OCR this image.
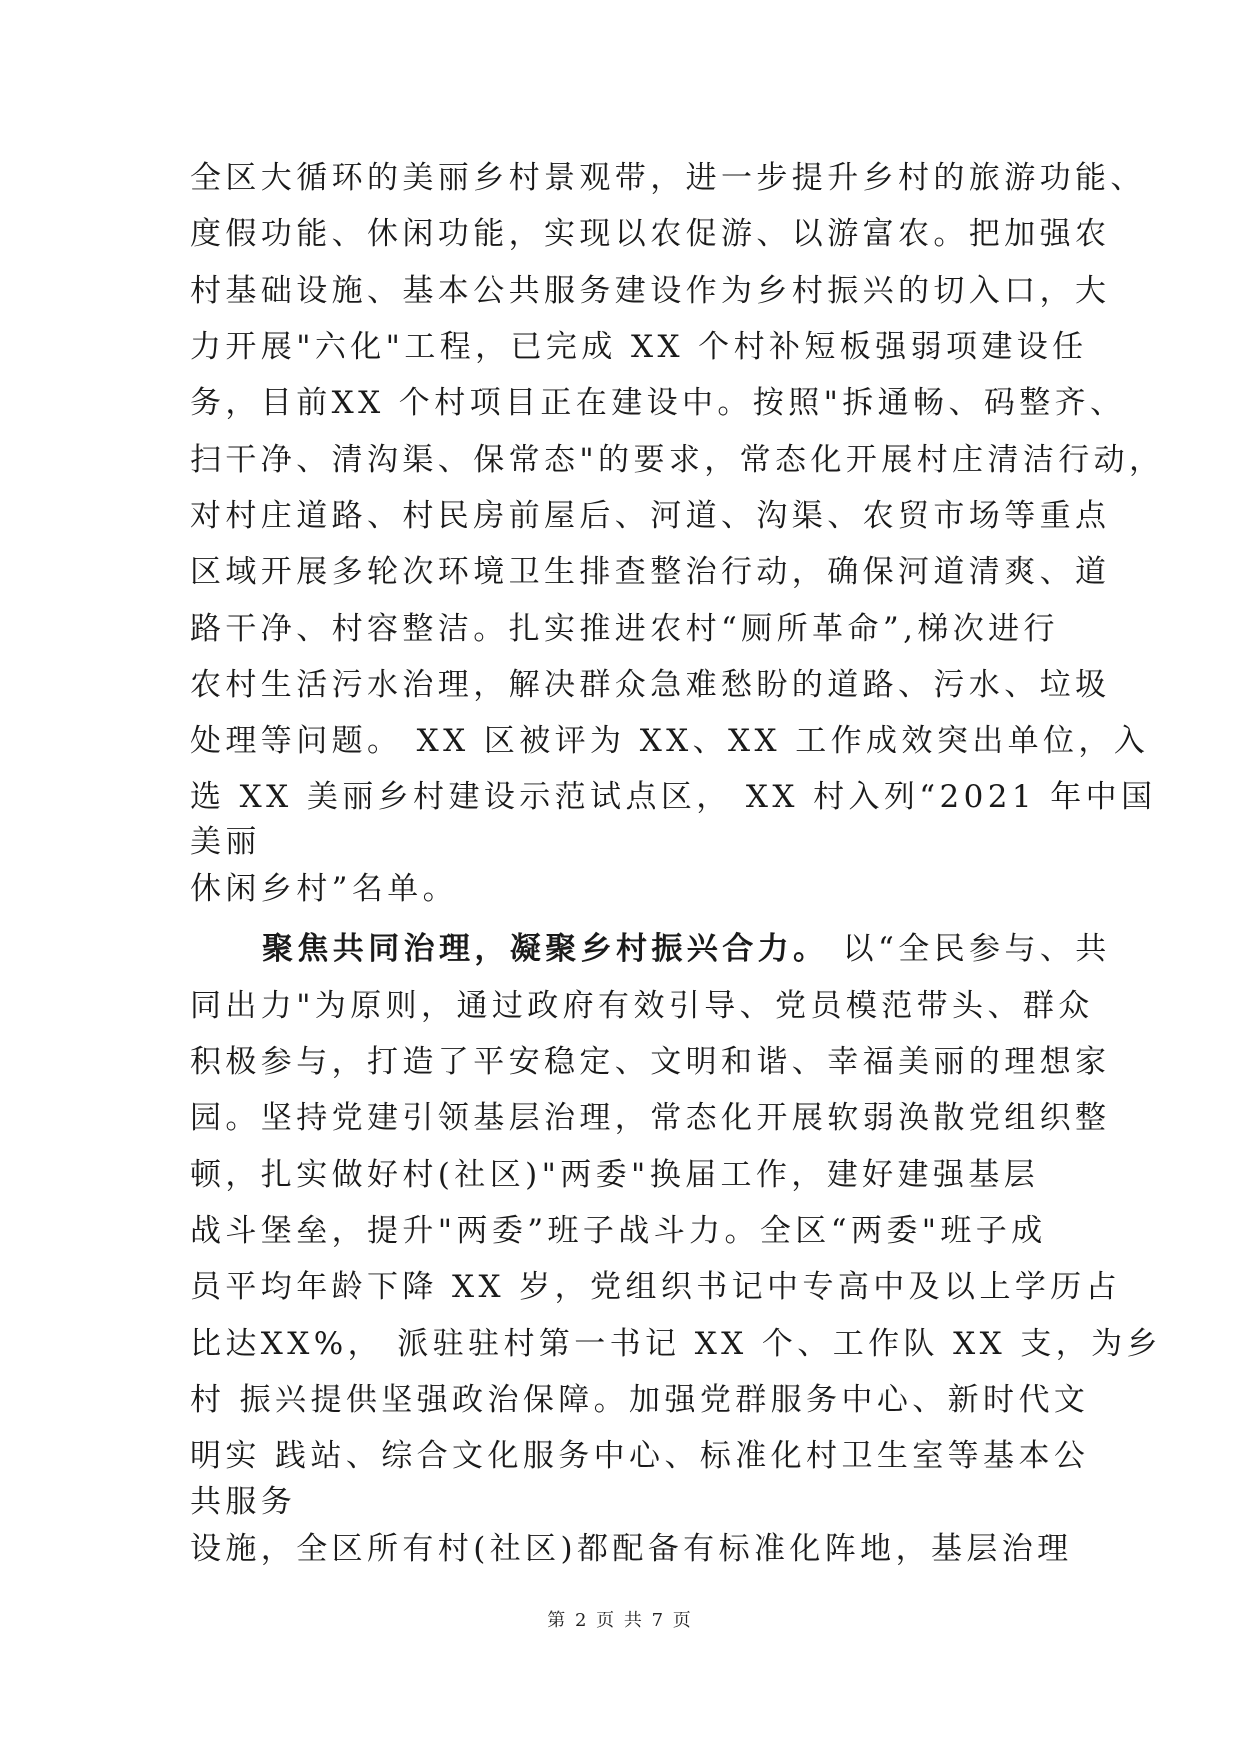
全区大循环的美丽乡村景观带，进一步提升乡村的旅游功能、
度假功能、休闲功能，实现以农促游、以游富农。把加强农
村基础设施、基本公共服务建设作为乡村振兴的切入口，大
力开展"六化"工程，已完成 XX 个村补短板强弱项建设任
务，目前XX 个村项目正在建设中。按照"拆通畅、码整齐、
扫干净、清沟渠、保常态"的要求，常态化开展村庄清洁行动，
对村庄道路、村民房前屋后、河道、沟渠、农贸市场等重点
区域开展多轮次环境卫生排查整治行动，确保河道清爽、道
路干净、村容整洁。扎实推进农村“厕所革命”,梯次进行
农村生活污水治理，解决群众急难愁盼的道路、污水、垃圾
处理等问题。 XX 区被评为 XX、XX 工作成效突出单位，入
选 XX 美丽乡村建设示范试点区， XX 村入列“2021 年中国
美丽
休闲乡村”名单。
聚焦共同治理，凝聚乡村振兴合力。 以“全民参与、共
同出力"为原则，通过政府有效引导、党员模范带头、群众
积极参与，打造了平安稳定、文明和谐、幸福美丽的理想家
园。坚持党建引领基层治理，常态化开展软弱涣散党组织整
顿，扎实做好村(社区)"两委"换届工作，建好建强基层
战斗堡垒，提升"两委”班子战斗力。全区“两委"班子成
员平均年龄下降 XX 岁，党组织书记中专高中及以上学历占
比达XX%， 派驻驻村第一书记 XX 个、工作队 XX 支，为乡
村 振兴提供坚强政治保障。加强党群服务中心、新时代文
明实 践站、综合文化服务中心、标准化村卫生室等基本公
共服务
设施，全区所有村(社区)都配备有标准化阵地，基层治理
第 2 页 共 7 页
